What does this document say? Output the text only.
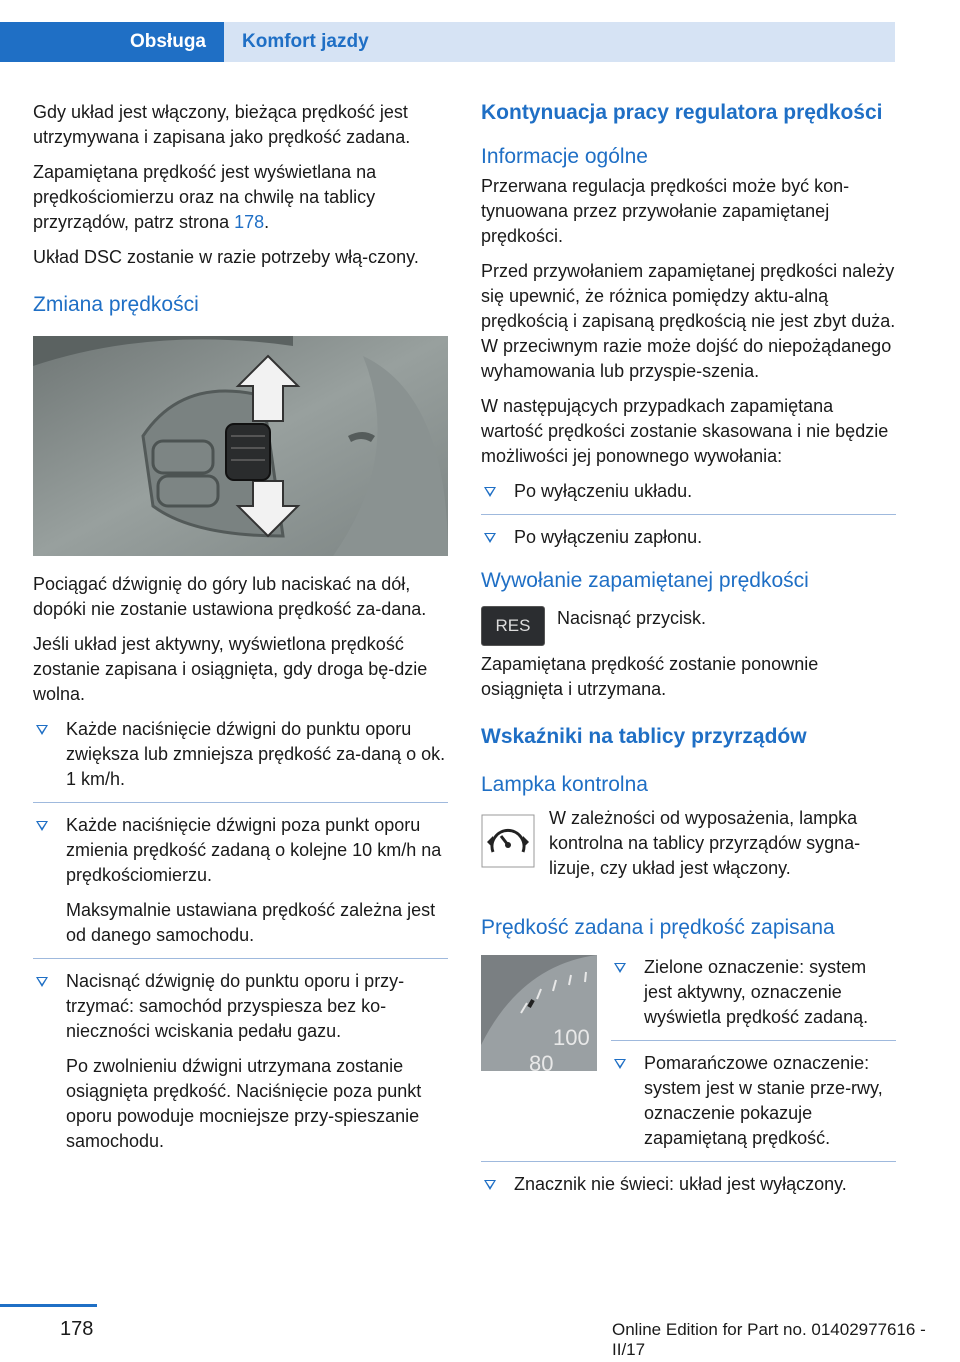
Obsługa	Komfort jazdy

Gdy układ jest włączony, bieżąca prędkość jest utrzymywana i zapisana jako prędkość zadana.

Zapamiętana prędkość jest wyświetlana na prędkościomierzu oraz na chwilę na tablicy przyrządów, patrz strona 178.

Układ DSC zostanie w razie potrzeby włą‐czony.

Zmiana prędkości

Pociągać dźwignię do góry lub naciskać na dół, dopóki nie zostanie ustawiona prędkość za‐dana.

Jeśli układ jest aktywny, wyświetlona prędkość zostanie zapisana i osiągnięta, gdy droga bę‐dzie wolna.

Każde naciśnięcie dźwigni do punktu oporu zwiększa lub zmniejsza prędkość za‐daną o ok. 1 km/h.
Każde naciśnięcie dźwigni poza punkt oporu zmienia prędkość zadaną o kolejne 10 km/h na prędkościomierzu.
Maksymalnie ustawiana prędkość zależna jest od danego samochodu.
Nacisnąć dźwignię do punktu oporu i przy‐trzymać: samochód przyspiesza bez ko‐nieczności wciskania pedału gazu.
Po zwolnieniu dźwigni utrzymana zostanie osiągnięta prędkość. Naciśnięcie poza punkt oporu powoduje mocniejsze przy‐spieszanie samochodu.
Kontynuacja pracy regulatora prędkości
Informacje ogólne

Przerwana regulacja prędkości może być kon‐tynuowana przez przywołanie zapamiętanej prędkości.

Przed przywołaniem zapamiętanej prędkości należy się upewnić, że różnica pomiędzy aktu‐alną prędkością i zapisaną prędkością nie jest zbyt duża. W przeciwnym razie może dojść do niepożądanego wyhamowania lub przyspie‐szenia.

W następujących przypadkach zapamiętana wartość prędkości zostanie skasowana i nie będzie możliwości jej ponownego wywołania:

Po wyłączeniu układu.
Po wyłączeniu zapłonu.
Wywołanie zapamiętanej prędkości
RES	Nacisnąć przycisk.

Zapamiętana prędkość zostanie ponownie osiągnięta i utrzymana.

Wskaźniki na tablicy przyrządów
Lampka kontrolna

W zależności od wyposażenia, lampka kontrolna na tablicy przyrządów sygna‐lizuje, czy układ jest włączony.

Prędkość zadana i prędkość zapisana
100
80
Zielone oznaczenie: system jest aktywny, oznaczenie wyświetla prędkość zadaną.
Pomarańczowe oznaczenie: system jest w stanie prze‐rwy, oznaczenie pokazuje zapamiętaną prędkość.
Znacznik nie świeci: układ jest wyłączony.
178	Online Edition for Part no. 01402977616 - II/17
